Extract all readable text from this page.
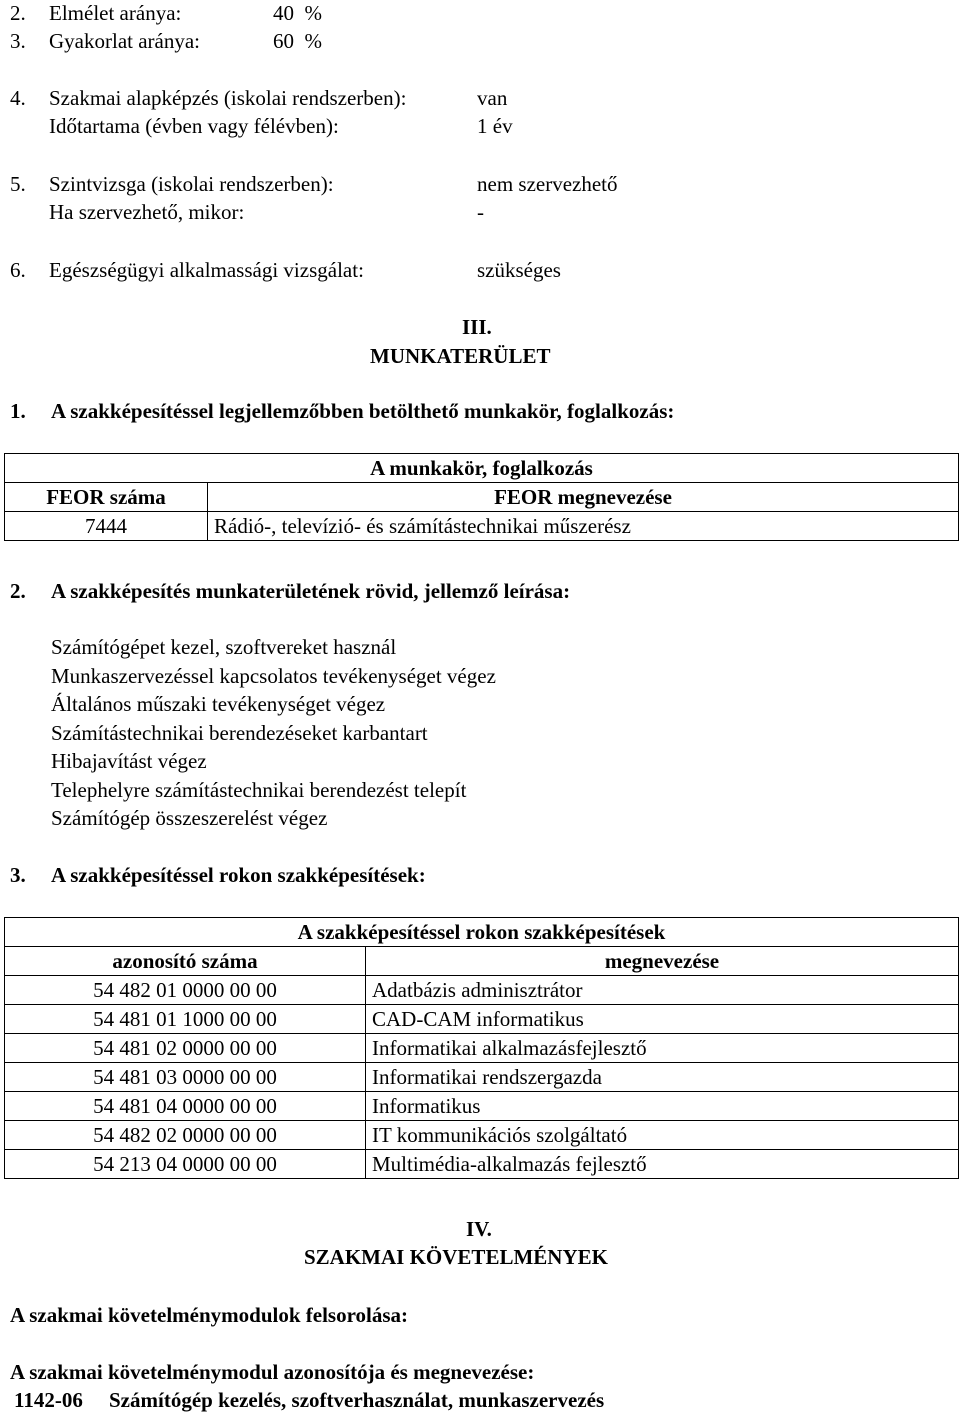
2. Elmélet aránya:	40  %
3. Gyakorlat aránya:	60  %
4. Szakmai alapképzés (iskolai rendszerben):	van
Időtartama (évben vagy félévben):	1 év
5. Szintvizsga (iskolai rendszerben):	nem szervezhető
Ha szervezhető, mikor:	-
6. Egészségügyi alkalmassági vizsgálat:	szükséges
III.
MUNKATERÜLET
1. A szakképesítéssel legjellemzőbben betölthető munkakör, foglalkozás:
A munkakör, foglalkozás	
FEOR száma	FEOR megnevezése
7444	Rádió-, televízió- és számítástechnikai műszerész
2. A szakképesítés munkaterületének rövid, jellemző leírása:
Számítógépet kezel, szoftvereket használ
Munkaszervezéssel kapcsolatos tevékenységet végez
Általános műszaki tevékenységet végez
Számítástechnikai berendezéseket karbantart
Hibajavítást végez
Telephelyre számítástechnikai berendezést telepít
Számítógép összeszerelést végez
3. A szakképesítéssel rokon szakképesítések:
A szakképesítéssel rokon szakképesítések	
azonosító száma	megnevezése
54 482 01 0000 00 00	Adatbázis adminisztrátor
54 481 01 1000 00 00	CAD-CAM informatikus
54 481 02 0000 00 00	Informatikai alkalmazásfejlesztő
54 481 03 0000 00 00	Informatikai rendszergazda
54 481 04 0000 00 00	Informatikus
54 482 02 0000 00 00	IT kommunikációs szolgáltató
54 213 04 0000 00 00	Multimédia-alkalmazás fejlesztő
IV.
SZAKMAI KÖVETELMÉNYEK
A szakmai követelménymodulok felsorolása:
A szakmai követelménymodul azonosítója és megnevezése:
1142-06 Számítógép kezelés, szoftverhasználat, munkaszervezés
